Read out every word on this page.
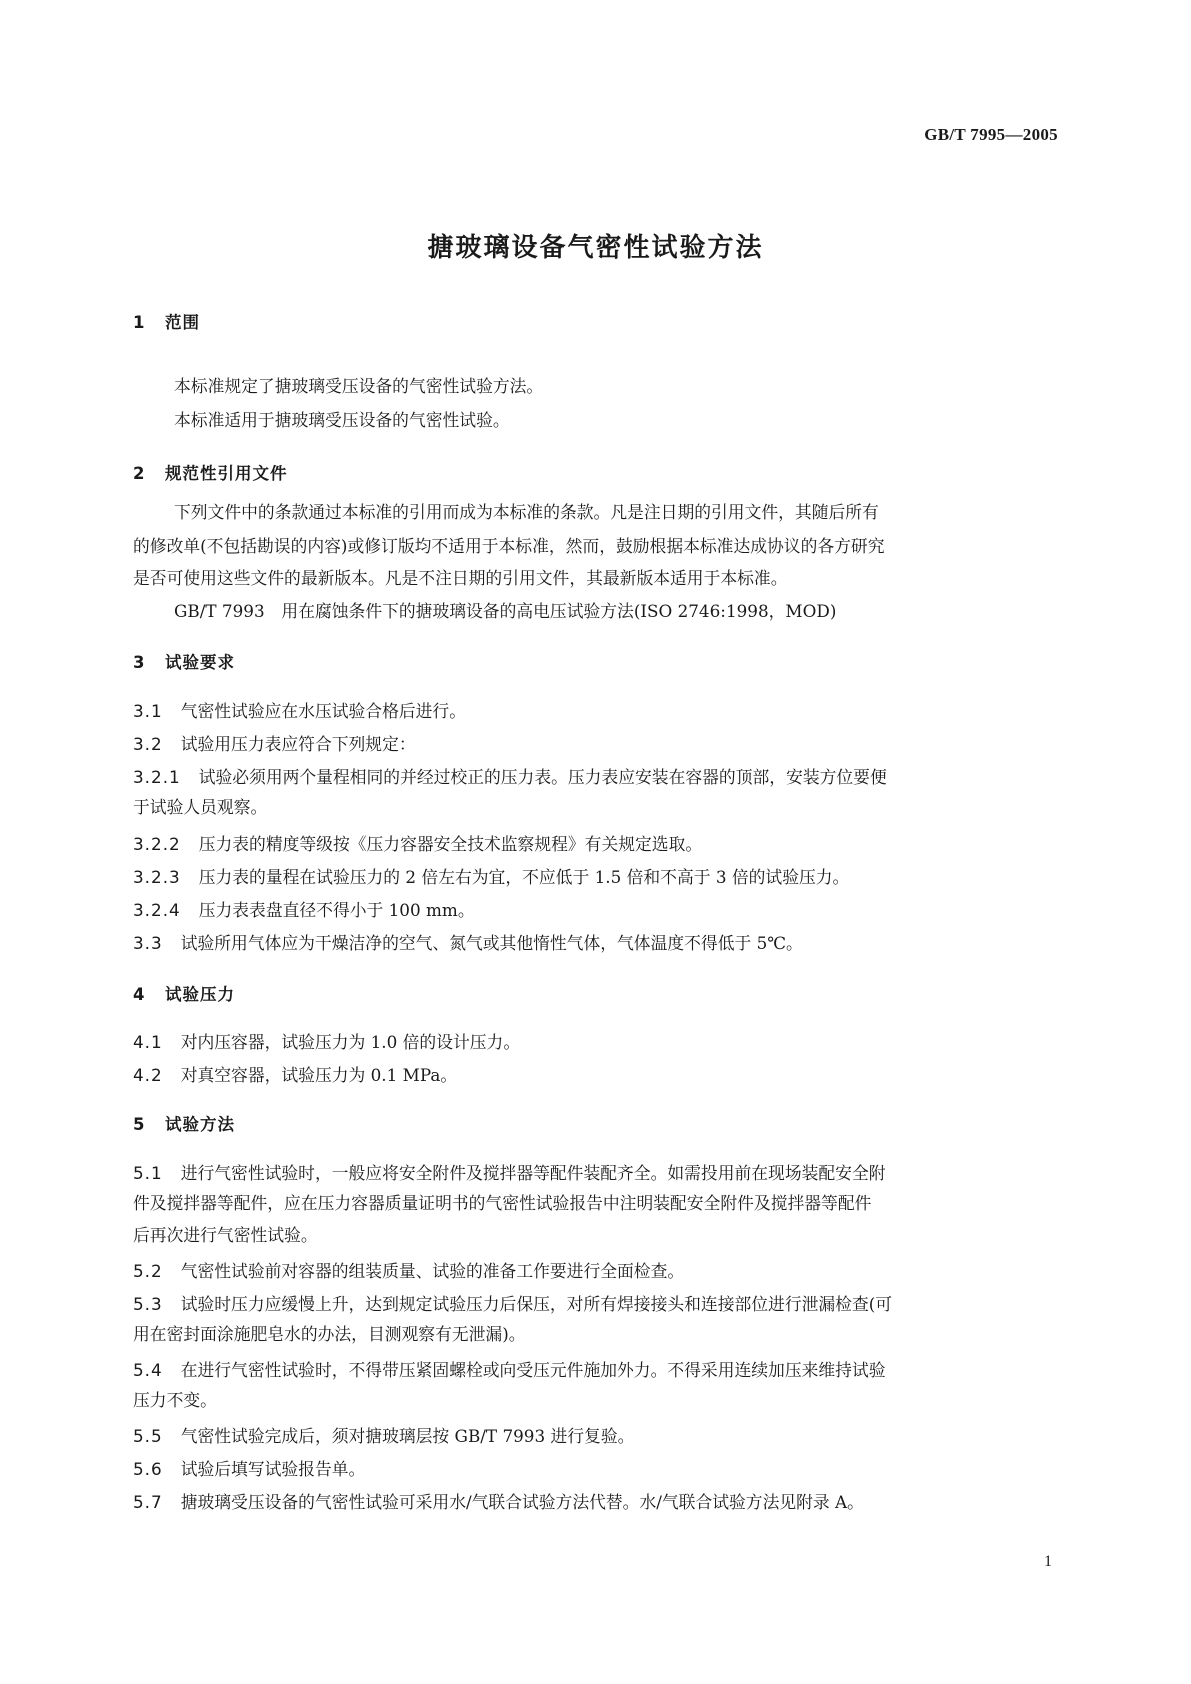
GB/T 7995—2005
搪玻璃设备气密性试验方法
1 范围
本标准规定了搪玻璃受压设备的气密性试验方法。
本标准适用于搪玻璃受压设备的气密性试验。
2 规范性引用文件
下列文件中的条款通过本标准的引用而成为本标准的条款。凡是注日期的引用文件，其随后所有
的修改单(不包括勘误的内容)或修订版均不适用于本标准，然而，鼓励根据本标准达成协议的各方研究
是否可使用这些文件的最新版本。凡是不注日期的引用文件，其最新版本适用于本标准。
GB/T 7993　用在腐蚀条件下的搪玻璃设备的高电压试验方法(ISO 2746:1998，MOD)
3 试验要求
3.1 气密性试验应在水压试验合格后进行。
3.2 试验用压力表应符合下列规定：
3.2.1 试验必须用两个量程相同的并经过校正的压力表。压力表应安装在容器的顶部，安装方位要便
于试验人员观察。
3.2.2 压力表的精度等级按《压力容器安全技术监察规程》有关规定选取。
3.2.3 压力表的量程在试验压力的 2 倍左右为宜，不应低于 1.5 倍和不高于 3 倍的试验压力。
3.2.4 压力表表盘直径不得小于 100 mm。
3.3 试验所用气体应为干燥洁净的空气、氮气或其他惰性气体，气体温度不得低于 5℃。
4 试验压力
4.1 对内压容器，试验压力为 1.0 倍的设计压力。
4.2 对真空容器，试验压力为 0.1 MPa。
5 试验方法
5.1 进行气密性试验时，一般应将安全附件及搅拌器等配件装配齐全。如需投用前在现场装配安全附
件及搅拌器等配件，应在压力容器质量证明书的气密性试验报告中注明装配安全附件及搅拌器等配件
后再次进行气密性试验。
5.2 气密性试验前对容器的组装质量、试验的准备工作要进行全面检查。
5.3 试验时压力应缓慢上升，达到规定试验压力后保压，对所有焊接接头和连接部位进行泄漏检查(可
用在密封面涂施肥皂水的办法，目测观察有无泄漏)。
5.4 在进行气密性试验时，不得带压紧固螺栓或向受压元件施加外力。不得采用连续加压来维持试验
压力不变。
5.5 气密性试验完成后，须对搪玻璃层按 GB/T 7993 进行复验。
5.6 试验后填写试验报告单。
5.7 搪玻璃受压设备的气密性试验可采用水/气联合试验方法代替。水/气联合试验方法见附录 A。
1
